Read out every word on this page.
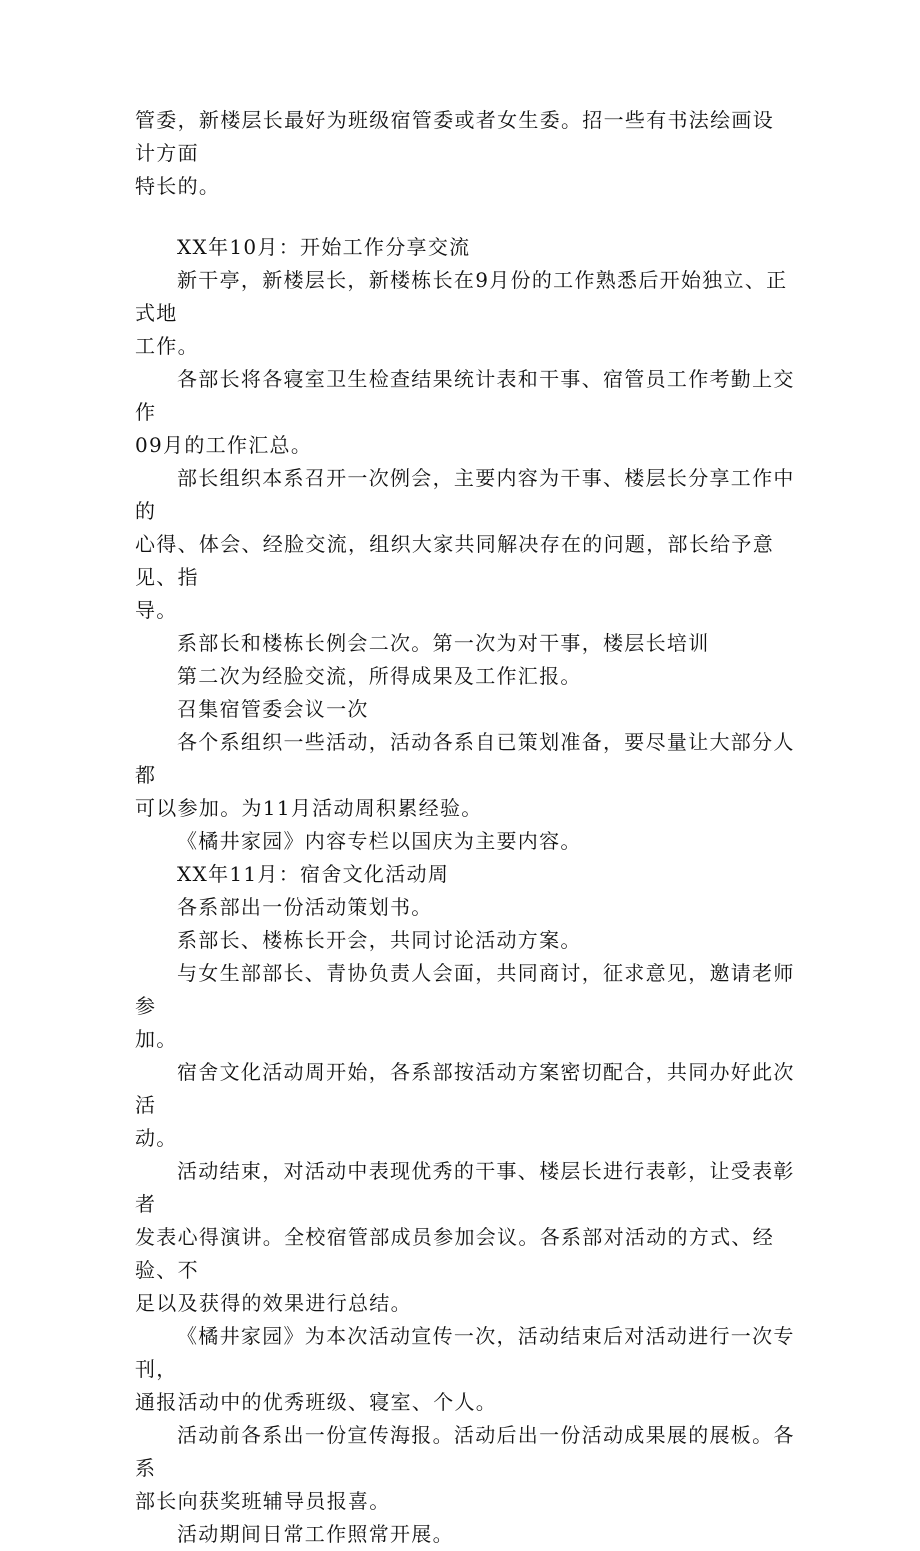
管委，新楼层长最好为班级宿管委或者女生委。招一些有书法绘画设计方面
特长的。

XX年10月：开始工作分享交流

新干亭，新楼层长，新楼栋长在9月份的工作熟悉后开始独立、正式地
工作。

各部长将各寝室卫生检查结果统计表和干事、宿管员工作考勤上交作
09月的工作汇总。

部长组织本系召开一次例会，主要内容为干事、楼层长分享工作中的
心得、体会、经脸交流，组织大家共同解决存在的问题，部长给予意见、指
导。

系部长和楼栋长例会二次。第一次为对干事，楼层长培训

第二次为经脸交流，所得成果及工作汇报。

召集宿管委会议一次

各个系组织一些活动，活动各系自已策划准备，要尽量让大部分人都
可以参加。为11月活动周积累经验。

《橘井家园》内容专栏以国庆为主要内容。

XX年11月：宿舍文化活动周

各系部出一份活动策划书。

系部长、楼栋长开会，共同讨论活动方案。

与女生部部长、青协负责人会面，共同商讨，征求意见，邀请老师参
加。

宿舍文化活动周开始，各系部按活动方案密切配合，共同办好此次活
动。

活动结束，对活动中表现优秀的干事、楼层长进行表彰，让受表彰者
发表心得演讲。全校宿管部成员参加会议。各系部对活动的方式、经验、不
足以及获得的效果进行总结。

《橘井家园》为本次活动宣传一次，活动结束后对活动进行一次专刊，
通报活动中的优秀班级、寝室、个人。

活动前各系出一份宣传海报。活动后出一份活动成果展的展板。各系
部长向获奖班辅导员报喜。

活动期间日常工作照常开展。
